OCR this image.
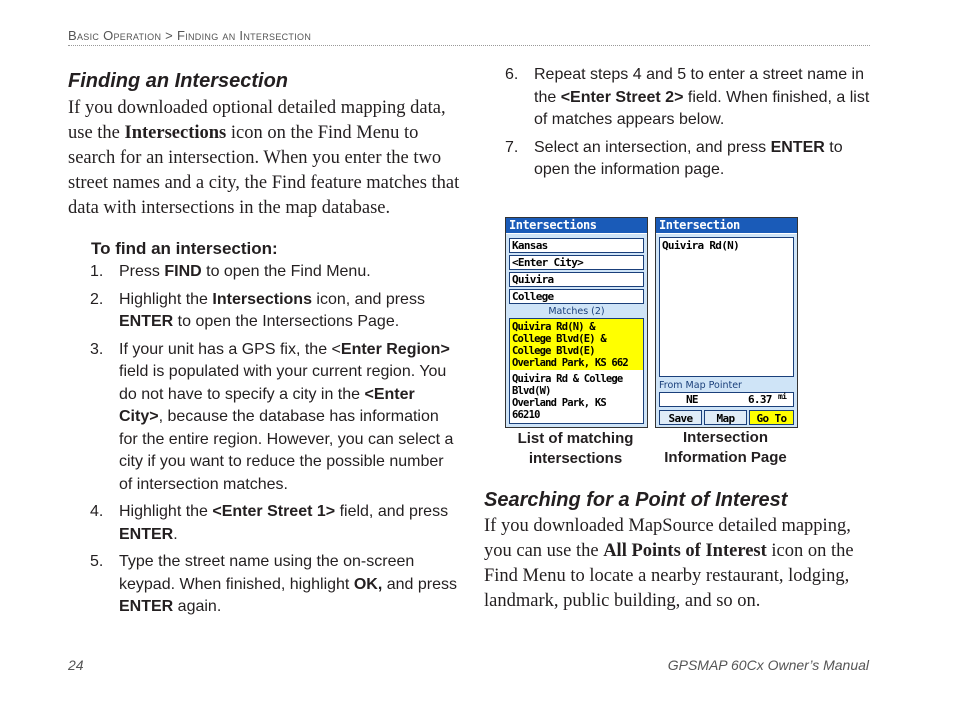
Basic Operation > Finding an Intersection
Finding an Intersection
If you downloaded optional detailed mapping data, use the Intersections icon on the Find Menu to search for an intersection. When you enter the two street names and a city, the Find feature matches that data with intersections in the map database.
To find an intersection:
1. Press FIND to open the Find Menu.
2. Highlight the Intersections icon, and press ENTER to open the Intersections Page.
3. If your unit has a GPS fix, the <Enter Region> field is populated with your current region. You do not have to specify a city in the <Enter City>, because the database has information for the entire region. However, you can select a city if you want to reduce the possible number of intersection matches.
4. Highlight the <Enter Street 1> field, and press ENTER.
5. Type the street name using the on-screen keypad. When finished, highlight OK, and press ENTER again.
6. Repeat steps 4 and 5 to enter a street name in the <Enter Street 2> field. When finished, a list of matches appears below.
7. Select an intersection, and press ENTER to open the information page.
Intersections
Kansas
<Enter City>
Quivira
College
Matches (2)
Quivira Rd(N) &
College Blvd(E) &
College Blvd(E)
Overland Park, KS 662
Quivira Rd & College
Blvd(W)
Overland Park, KS
66210
List of matching
intersections
Intersection
Quivira Rd(N)
From Map Pointer
NE	6.37 mi
Save	Map	Go To
Intersection
Information Page
Searching for a Point of Interest
If you downloaded MapSource detailed mapping, you can use the All Points of Interest icon on the Find Menu to locate a nearby restaurant, lodging, landmark, public building, and so on.
24	GPSMAP 60Cx Owner’s Manual
